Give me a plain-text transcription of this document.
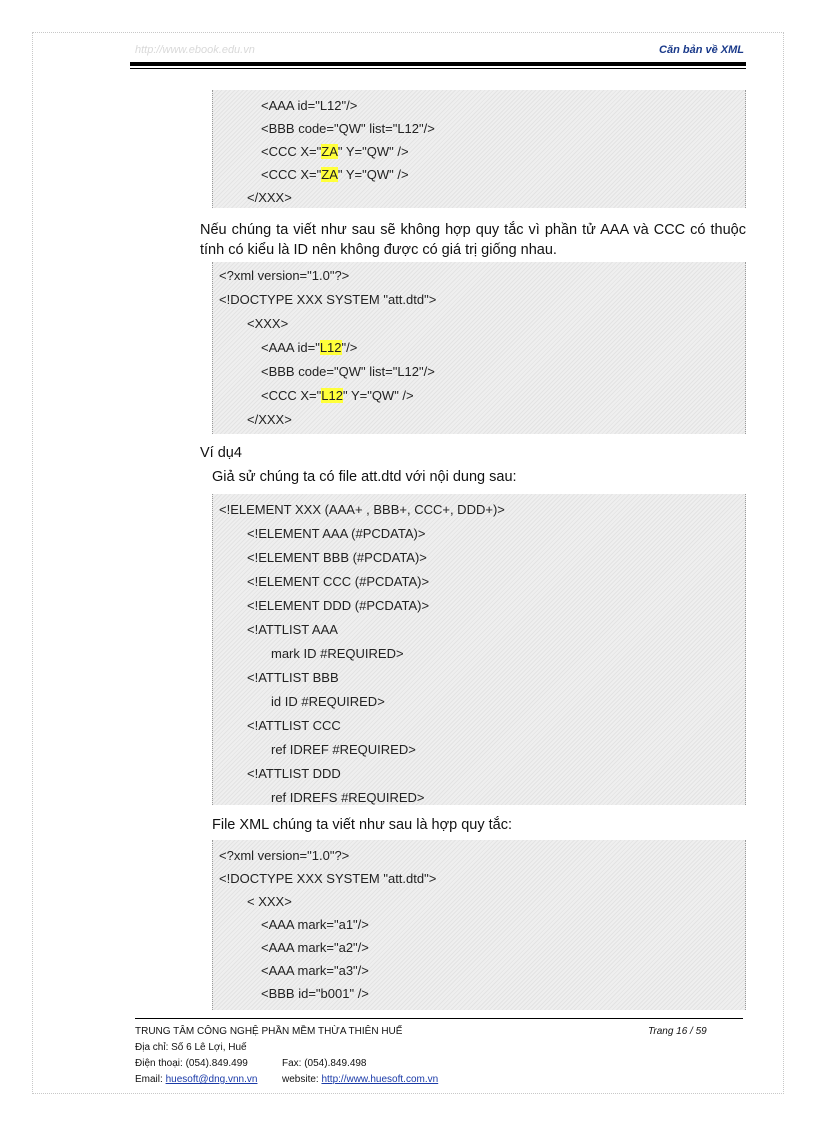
http://www.ebook.edu.vn	Căn bản về XML
<AAA id="L12"/>
<BBB code="QW" list="L12"/>
<CCC X="ZA" Y="QW" />
<CCC X="ZA" Y="QW" />
</XXX>
Nếu chúng ta viết như sau sẽ không hợp quy tắc vì phần tử AAA và CCC có thuộc tính có kiểu là ID nên không được có giá trị giống nhau.
<?xml version="1.0"?>
<!DOCTYPE XXX SYSTEM "att.dtd">
<XXX>
<AAA id="L12"/>
<BBB code="QW" list="L12"/>
<CCC X="L12" Y="QW" />
</XXX>
Ví dụ4
Giả sử chúng ta có file att.dtd với nội dung sau:
<!ELEMENT XXX (AAA+ , BBB+, CCC+, DDD+)>
<!ELEMENT AAA (#PCDATA)>
<!ELEMENT BBB (#PCDATA)>
<!ELEMENT CCC (#PCDATA)>
<!ELEMENT DDD (#PCDATA)>
<!ATTLIST AAA
mark ID #REQUIRED>
<!ATTLIST BBB
id ID #REQUIRED>
<!ATTLIST CCC
ref IDREF #REQUIRED>
<!ATTLIST DDD
ref IDREFS #REQUIRED>
File XML chúng ta viết như sau là hợp quy tắc:
<?xml version="1.0"?>
<!DOCTYPE XXX SYSTEM "att.dtd">
< XXX>
<AAA mark="a1"/>
<AAA mark="a2"/>
<AAA mark="a3"/>
<BBB id="b001" />
TRUNG TÂM CÔNG NGHỆ PHẦN MỀM THỪA THIÊN HUẾ	Trang 16 / 59
Địa chỉ: Số 6 Lê Lợi, Huế
Điện thoại: (054).849.499	Fax: (054).849.498
Email: huesoft@dng.vnn.vn website: http://www.huesoft.com.vn
